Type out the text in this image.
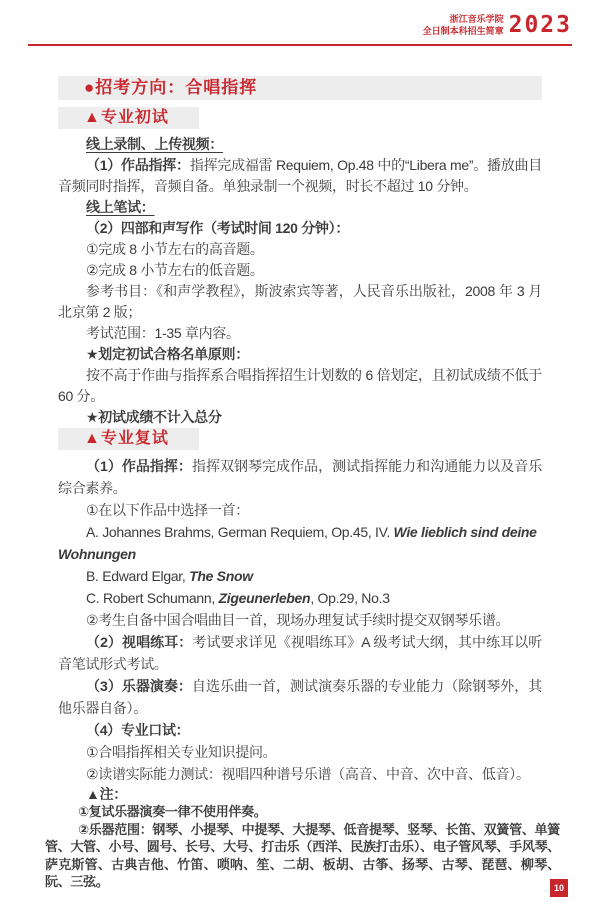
浙江音乐学院
全日制本科招生简章 2023
●招考方向：合唱指挥
▲专业初试

线上录制、上传视频：

（1）作品指挥：指挥完成福雷 Requiem, Op.48 中的“Libera me”。播放曲目音频同时指挥，音频自备。单独录制一个视频，时长不超过 10 分钟。

线上笔试：

（2）四部和声写作（考试时间 120 分钟）：

①完成 8 小节左右的高音题。

②完成 8 小节左右的低音题。

参考书目：《和声学教程》，斯波索宾等著，人民音乐出版社，2008 年 3 月北京第 2 版；

考试范围：1-35 章内容。

★划定初试合格名单原则：

按不高于作曲与指挥系合唱指挥招生计划数的 6 倍划定，且初试成绩不低于 60 分。

★初试成绩不计入总分

▲专业复试

（1）作品指挥：指挥双钢琴完成作品，测试指挥能力和沟通能力以及音乐综合素养。

①在以下作品中选择一首：

A. Johannes Brahms, German Requiem, Op.45, IV. Wie lieblich sind deine Wohnungen

B. Edward Elgar, The Snow

C. Robert Schumann, Zigeunerleben, Op.29, No.3

②考生自备中国合唱曲目一首，现场办理复试手续时提交双钢琴乐谱。

（2）视唱练耳：考试要求详见《视唱练耳》A 级考试大纲，其中练耳以听音笔试形式考试。

（3）乐器演奏：自选乐曲一首，测试演奏乐器的专业能力（除钢琴外，其他乐器自备）。

（4）专业口试：

①合唱指挥相关专业知识提问。

②读谱实际能力测试：视唱四种谱号乐谱（高音、中音、次中音、低音）。

▲注：

①复试乐器演奏一律不使用伴奏。

②乐器范围：钢琴、小提琴、中提琴、大提琴、低音提琴、竖琴、长笛、双簧管、单簧管、大管、小号、圆号、长号、大号、打击乐（西洋、民族打击乐）、电子管风琴、手风琴、萨克斯管、古典吉他、竹笛、唢呐、笙、二胡、板胡、古筝、扬琴、古琴、琵琶、柳琴、阮、三弦。	10
